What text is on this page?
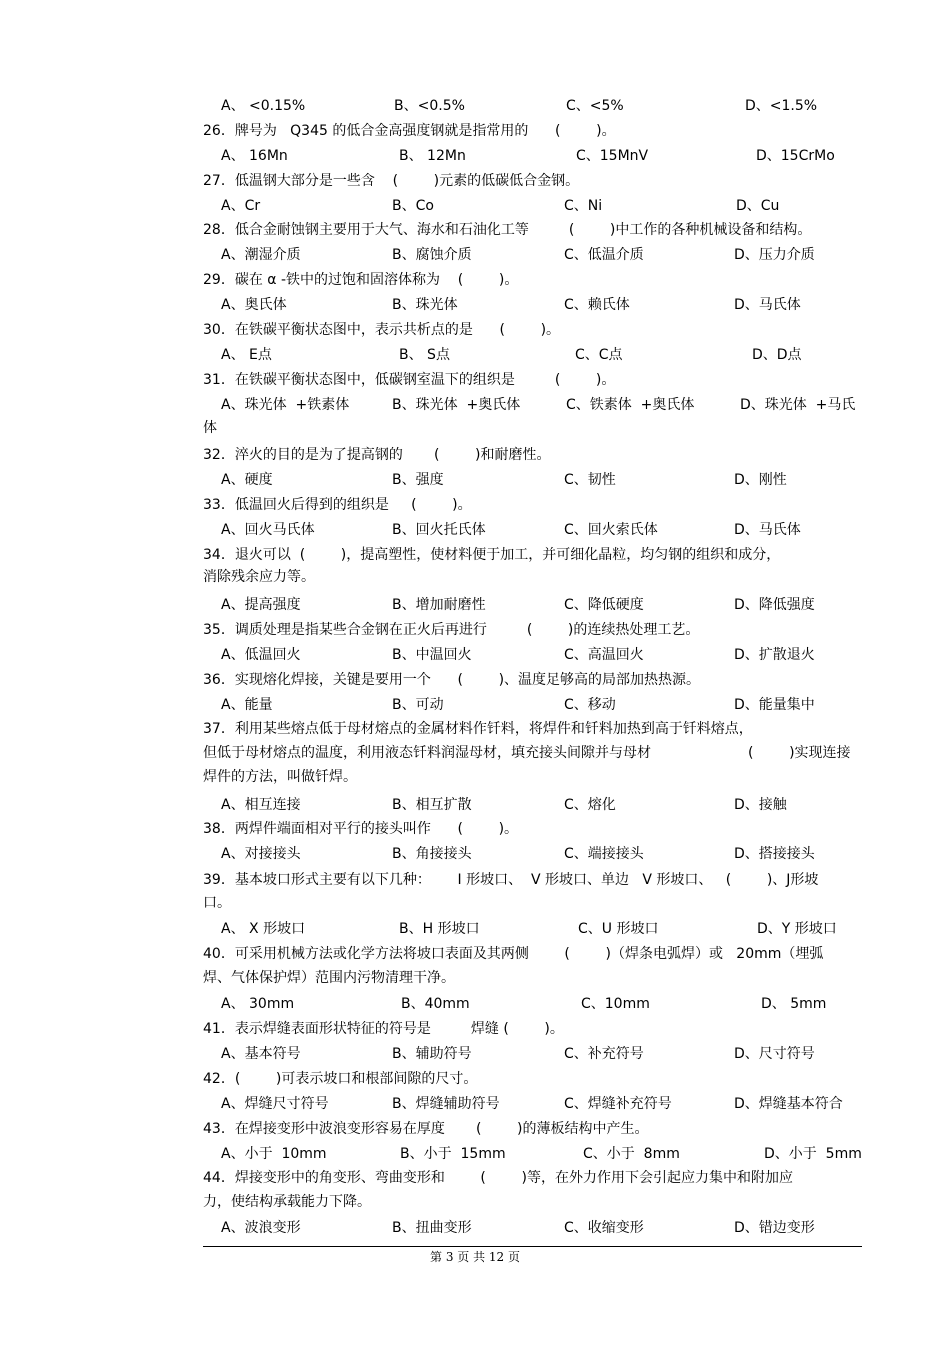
A、 <0.15%	B、<0.5%	C、<5%	D、<1.5%
26．牌号为   Q345 的低合金高强度钢就是指常用的      (        )。
A、 16Mn	B、 12Mn	C、15MnV	D、15CrMo
27．低温钢大部分是一些含    (        )元素的低碳低合金钢。
A、Cr	B、Co	C、Ni	D、Cu
28．低合金耐蚀钢主要用于大气、海水和石油化工等         (        )中工作的各种机械设备和结构。
A、潮湿介质	B、腐蚀介质	C、低温介质	D、压力介质
29．碳在 α -铁中的过饱和固溶体称为    (        )。
A、奥氏体	B、珠光体	C、赖氏体	D、马氏体
30．在铁碳平衡状态图中，表示共析点的是      (        )。
A、 E点	B、 S点	C、C点	D、D点
31．在铁碳平衡状态图中，低碳钢室温下的组织是         (        )。
A、珠光体  +铁素体	B、珠光体  +奥氏体	C、铁素体  +奥氏体	D、珠光体  +马氏
体
32．淬火的目的是为了提高钢的       (        )和耐磨性。
A、硬度	B、强度	C、韧性	D、刚性
33．低温回火后得到的组织是     (        )。
A、回火马氏体	B、回火托氏体	C、回火索氏体	D、马氏体
34．退火可以  (        )，提高塑性，使材料便于加工，并可细化晶粒，均匀钢的组织和成分，
消除残余应力等。
A、提高强度	B、增加耐磨性	C、降低硬度	D、降低强度
35．调质处理是指某些合金钢在正火后再进行         (        )的连续热处理工艺。
A、低温回火	B、中温回火	C、高温回火	D、扩散退火
36．实现熔化焊接，关键是要用一个      (        )、温度足够高的局部加热热源。
A、能量	B、可动	C、移动	D、能量集中
37．利用某些熔点低于母材熔点的金属材料作钎料，将焊件和钎料加热到高于钎料熔点，
但低于母材熔点的温度，利用液态钎料润湿母材，填充接头间隙并与母材	(        )实现连接
焊件的方法，叫做钎焊。
A、相互连接	B、相互扩散	C、熔化	D、接触
38．两焊件端面相对平行的接头叫作      (        )。
A、对接接头	B、角接接头	C、端接接头	D、搭接接头
39．基本坡口形式主要有以下几种：      I 形坡口、  V 形坡口、单边   V 形坡口、   (        )、J形坡
口。
A、 X 形坡口	B、H 形坡口	C、U 形坡口	D、Y 形坡口
40．可采用机械方法或化学方法将坡口表面及其两侧        (        )（焊条电弧焊）或   20mm（埋弧
焊、气体保护焊）范围内污物清理干净。
A、 30mm	B、40mm	C、10mm	D、 5mm
41．表示焊缝表面形状特征的符号是         焊缝 (        )。
A、基本符号	B、辅助符号	C、补充符号	D、尺寸符号
42．(        )可表示坡口和根部间隙的尺寸。
A、焊缝尺寸符号	B、焊缝辅助符号	C、焊缝补充符号	D、焊缝基本符合
43．在焊接变形中波浪变形容易在厚度       (        )的薄板结构中产生。
A、小于  10mm	B、小于  15mm	C、小于  8mm	D、小于  5mm
44．焊接变形中的角变形、弯曲变形和        (        )等，在外力作用下会引起应力集中和附加应
力，使结构承载能力下降。
A、波浪变形	B、扭曲变形	C、收缩变形	D、错边变形
第 3 页 共 12 页
